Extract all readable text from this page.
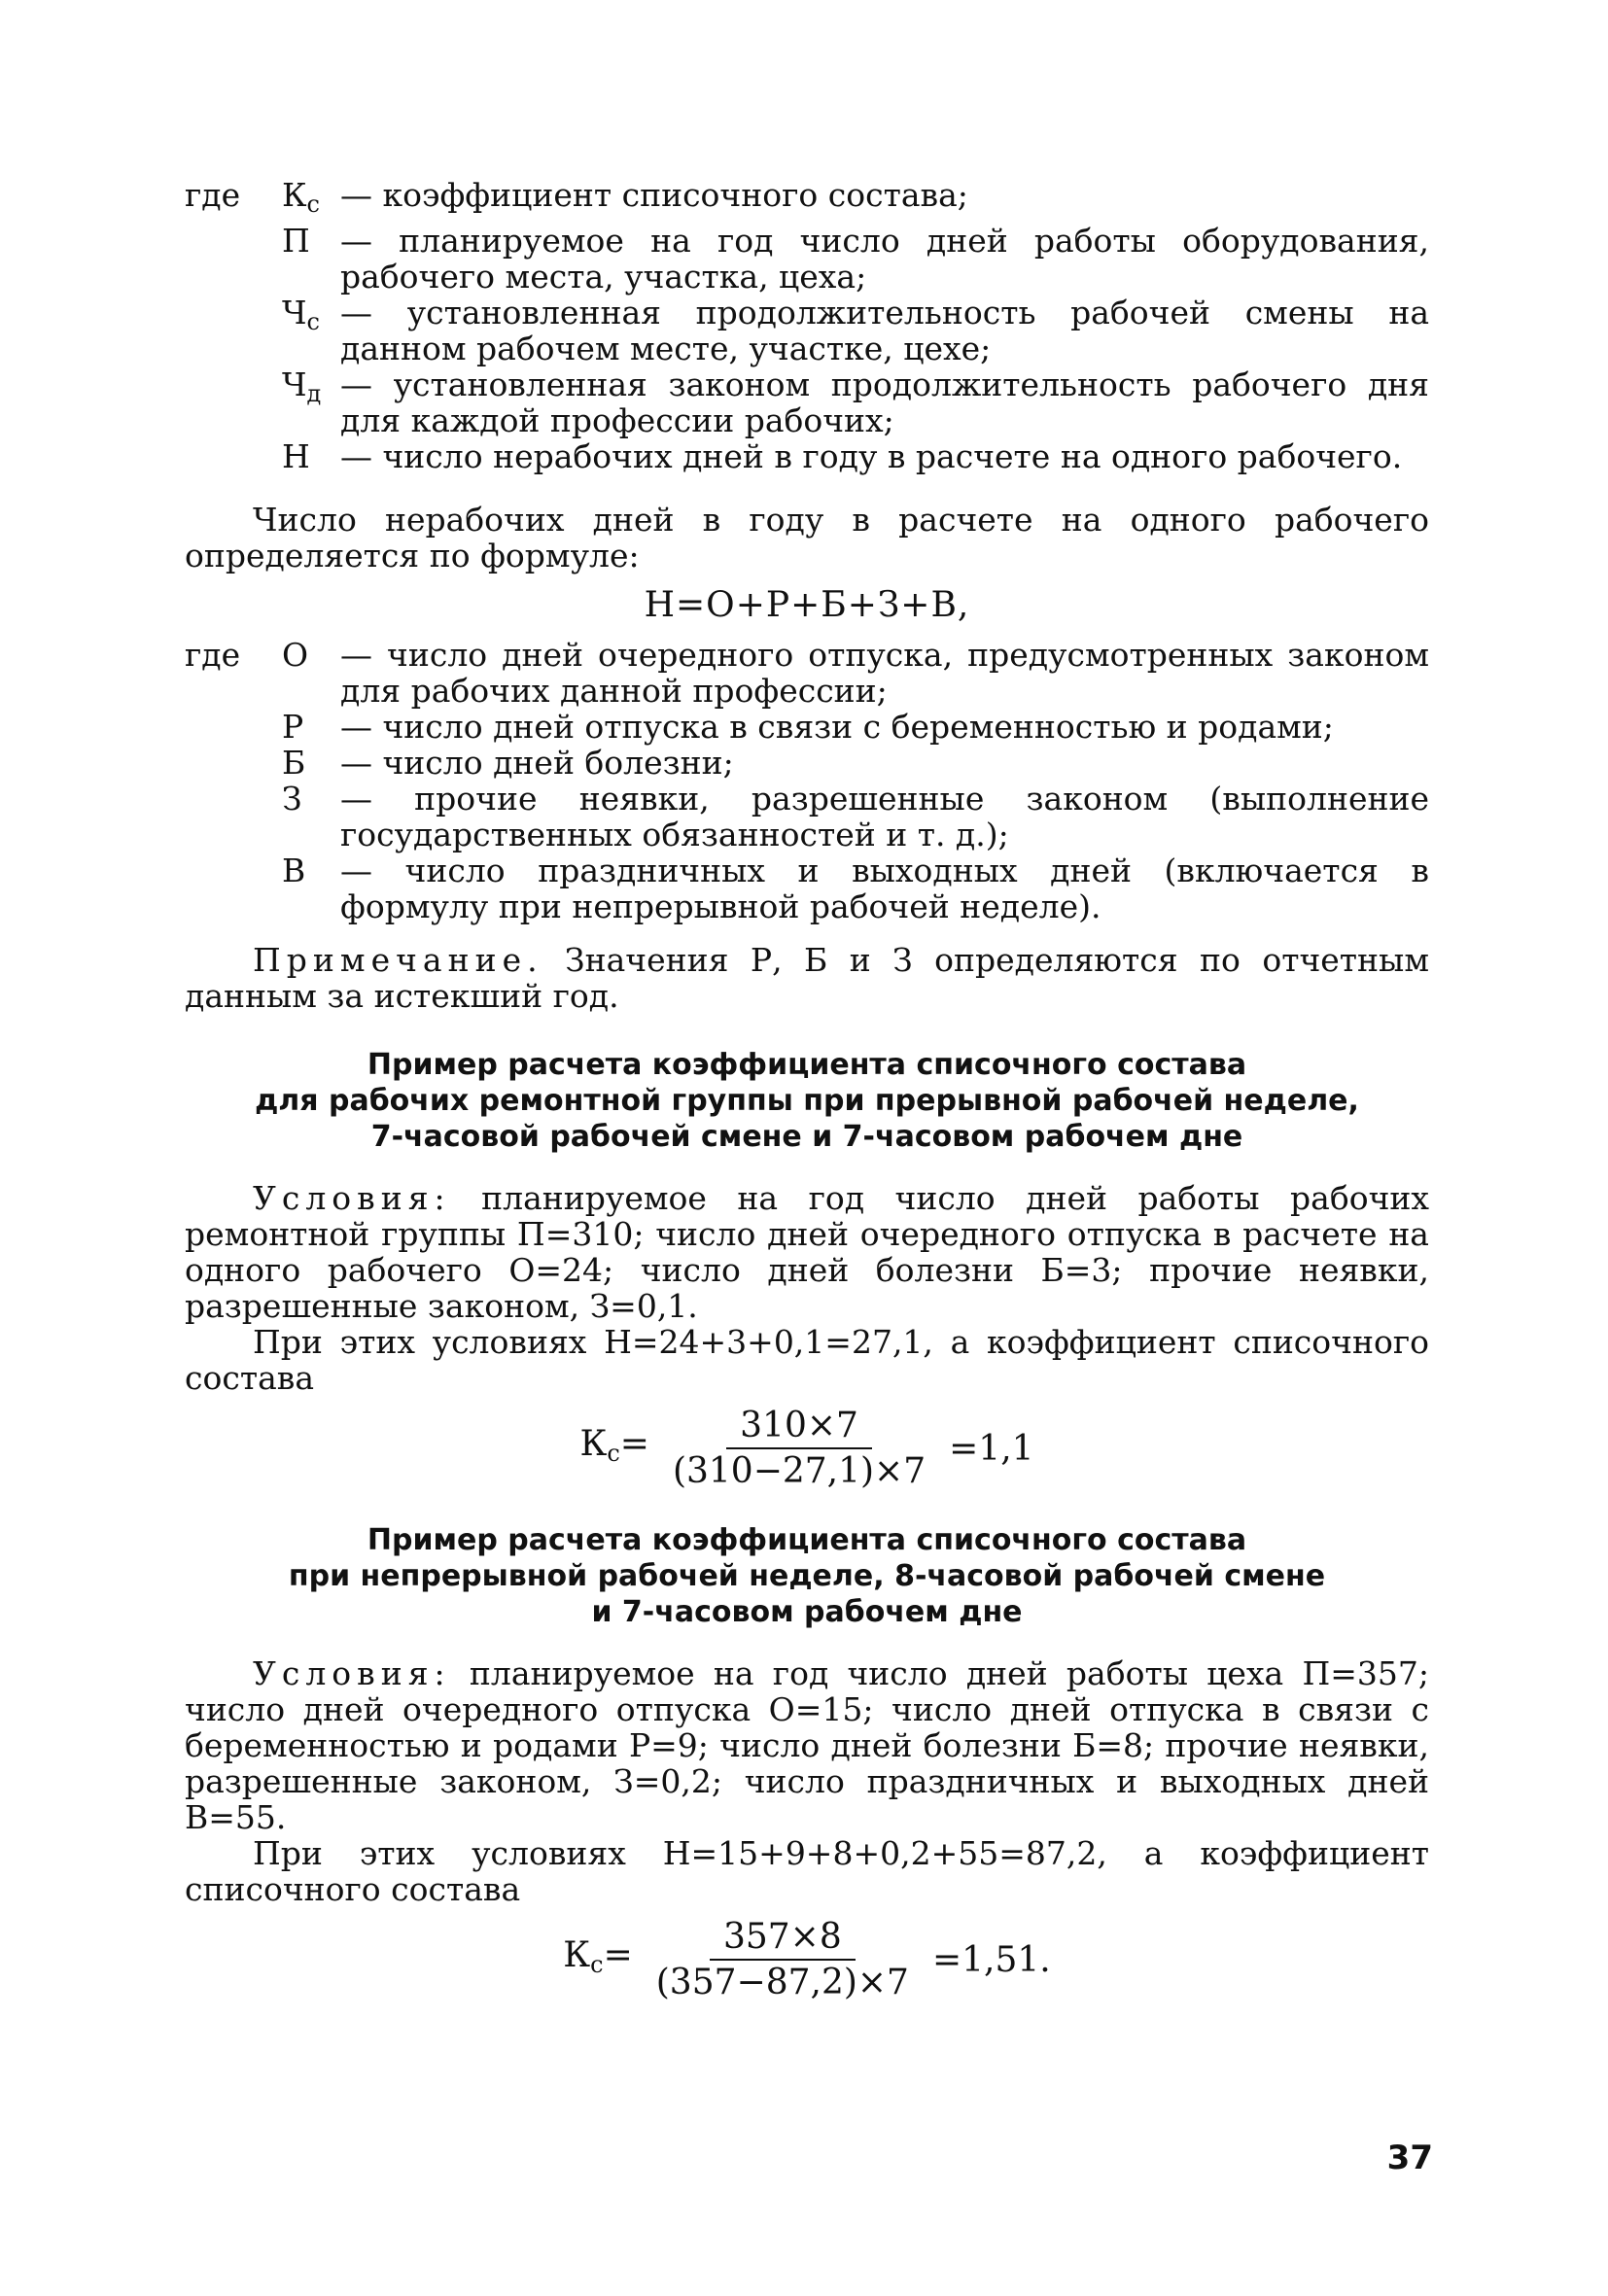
где	$К_с$ — коэффициент списочного состава;
П — планируемое на год число дней работы оборудования, рабочего места, участка, цеха;
$Ч_с$ — установленная продолжительность рабочей смены на данном рабочем месте, участке, цехе;
$Ч_д$ — установленная законом продолжительность рабочего дня для каждой профессии рабочих;
Н — число нерабочих дней в году в расчете на одного рабочего.

Число нерабочих дней в году в расчете на одного рабочего определяется по формуле:

Н=О+Р+Б+З+В,
где	О — число дней очередного отпуска, предусмотренных законом для рабочих данной профессии;
Р	— число дней отпуска в связи с беременностью и родами;
Б	— число дней болезни;
З	— прочие неявки, разрешенные законом (выполнение государственных обязанностей и т. д.);
В	— число праздничных и выходных дней (включается в формулу при непрерывной рабочей неделе).

Примечание. Значения Р, Б и З определяются по отчетным данным за истекший год.

Пример расчета коэффициента списочного состава
для рабочих ремонтной группы при прерывной рабочей неделе,
7-часовой рабочей смене и 7-часовом рабочем дне

Условия: планируемое на год число дней работы рабочих ремонтной группы П=310; число дней очередного отпуска в расчете на одного рабочего О=24; число дней болезни Б=3; прочие неявки, разрешенные законом, З=0,1.

При этих условиях Н=24+3+0,1=27,1, а коэффициент списочного состава

$К_с= \frac{310\times 7}{(310-27,1)\times 7} =1,1$
Пример расчета коэффициента списочного состава
при непрерывной рабочей неделе, 8-часовой рабочей смене
и 7-часовом рабочем дне

Условия: планируемое на год число дней работы цеха П=357; число дней очередного отпуска О=15; число дней отпуска в связи с беременностью и родами Р=9; число дней болезни Б=8; прочие неявки, разрешенные законом, З=0,2; число праздничных и выходных дней В=55.

При этих условиях Н=15+9+8+0,2+55=87,2, а коэффициент списочного состава

$К_с= \frac{357\times 8}{(357-87,2)\times 7} =1,51$.
37
